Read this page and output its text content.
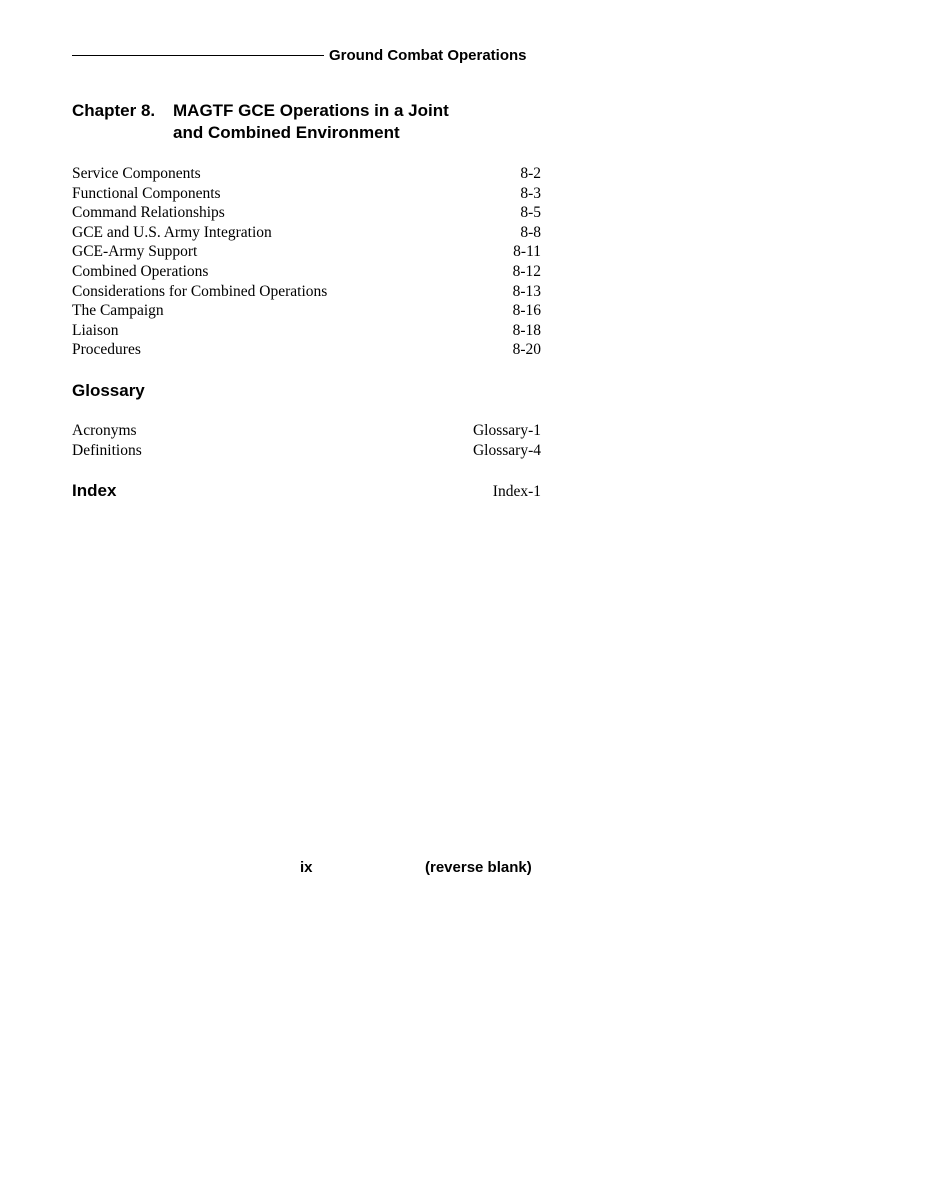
Ground Combat Operations
Chapter 8. MAGTF GCE Operations in a Joint
and Combined Environment
Service Components	8-2
Functional Components	8-3
Command Relationships	8-5
GCE and U.S. Army Integration	8-8
GCE-Army Support	8-11
Combined Operations	8-12
Considerations for Combined Operations	8-13
The Campaign	8-16
Liaison	8-18
Procedures	8-20
Glossary
Acronyms	Glossary-1
Definitions	Glossary-4
Index	Index-1
ix	(reverse blank)
